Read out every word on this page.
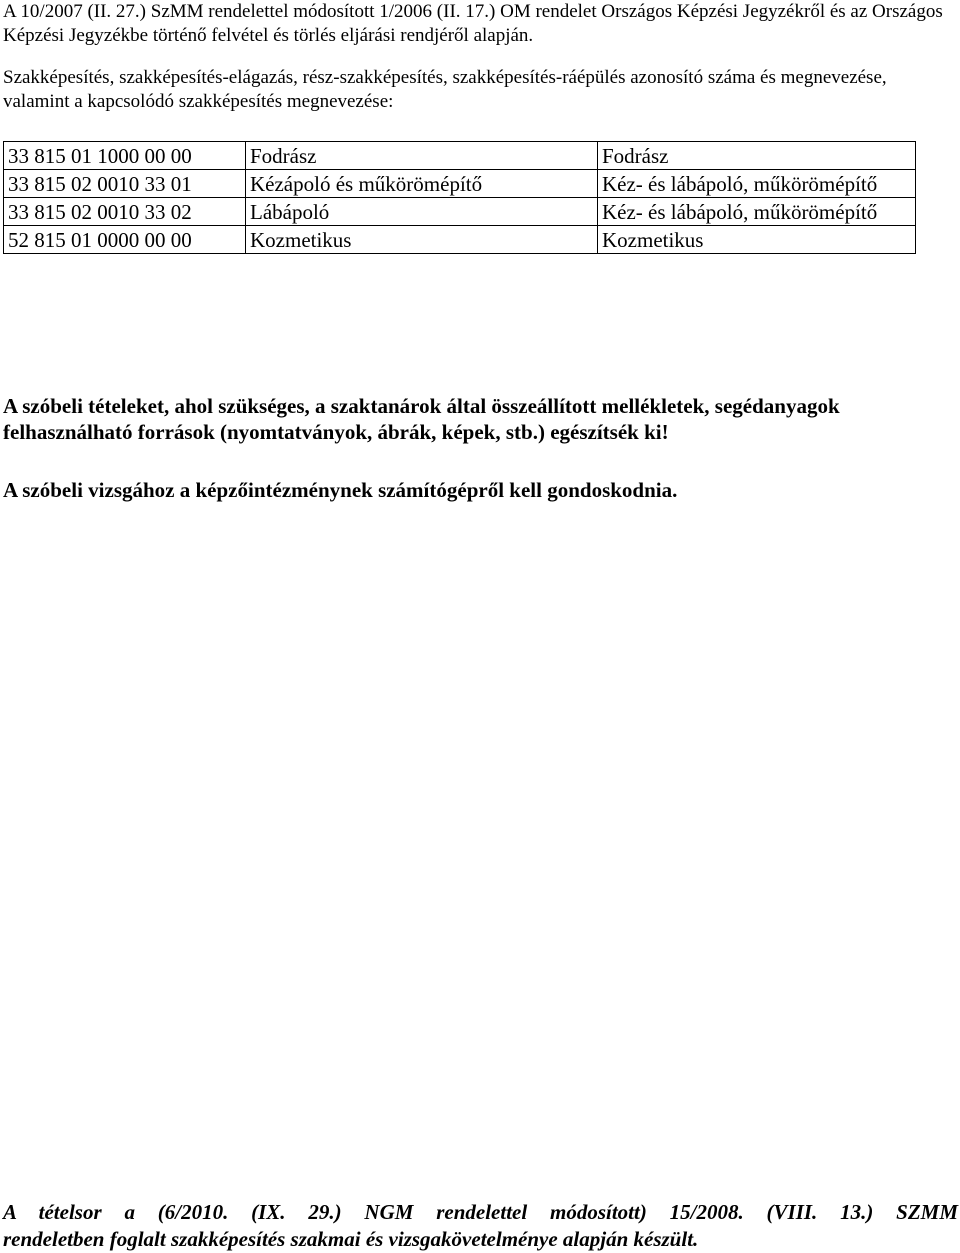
A 10/2007 (II. 27.) SzMM rendelettel módosított 1/2006 (II. 17.) OM rendelet Országos Képzési Jegyzékről és az Országos Képzési Jegyzékbe történő felvétel és törlés eljárási rendjéről alapján.
Szakképesítés, szakképesítés-elágazás, rész-szakképesítés, szakképesítés-ráépülés azonosító száma és megnevezése, valamint a kapcsolódó szakképesítés megnevezése:
33 815 01 1000 00 00	Fodrász	Fodrász
33 815 02 0010 33 01	Kézápoló és műkörömépítő	Kéz- és lábápoló, műkörömépítő
33 815 02 0010 33 02	Lábápoló	Kéz- és lábápoló, műkörömépítő
52 815 01 0000 00 00	Kozmetikus	Kozmetikus
A szóbeli tételeket, ahol szükséges, a szaktanárok által összeállított mellékletek, segédanyagok felhasználható források (nyomtatványok, ábrák, képek, stb.) egészítsék ki!
A szóbeli vizsgához a képzőintézménynek számítógépről kell gondoskodnia.
A tételsor a (6/2010. (IX. 29.) NGM rendelettel módosított) 15/2008. (VIII. 13.) SZMM
rendeletben foglalt szakképesítés szakmai és vizsgakövetelménye alapján készült.
